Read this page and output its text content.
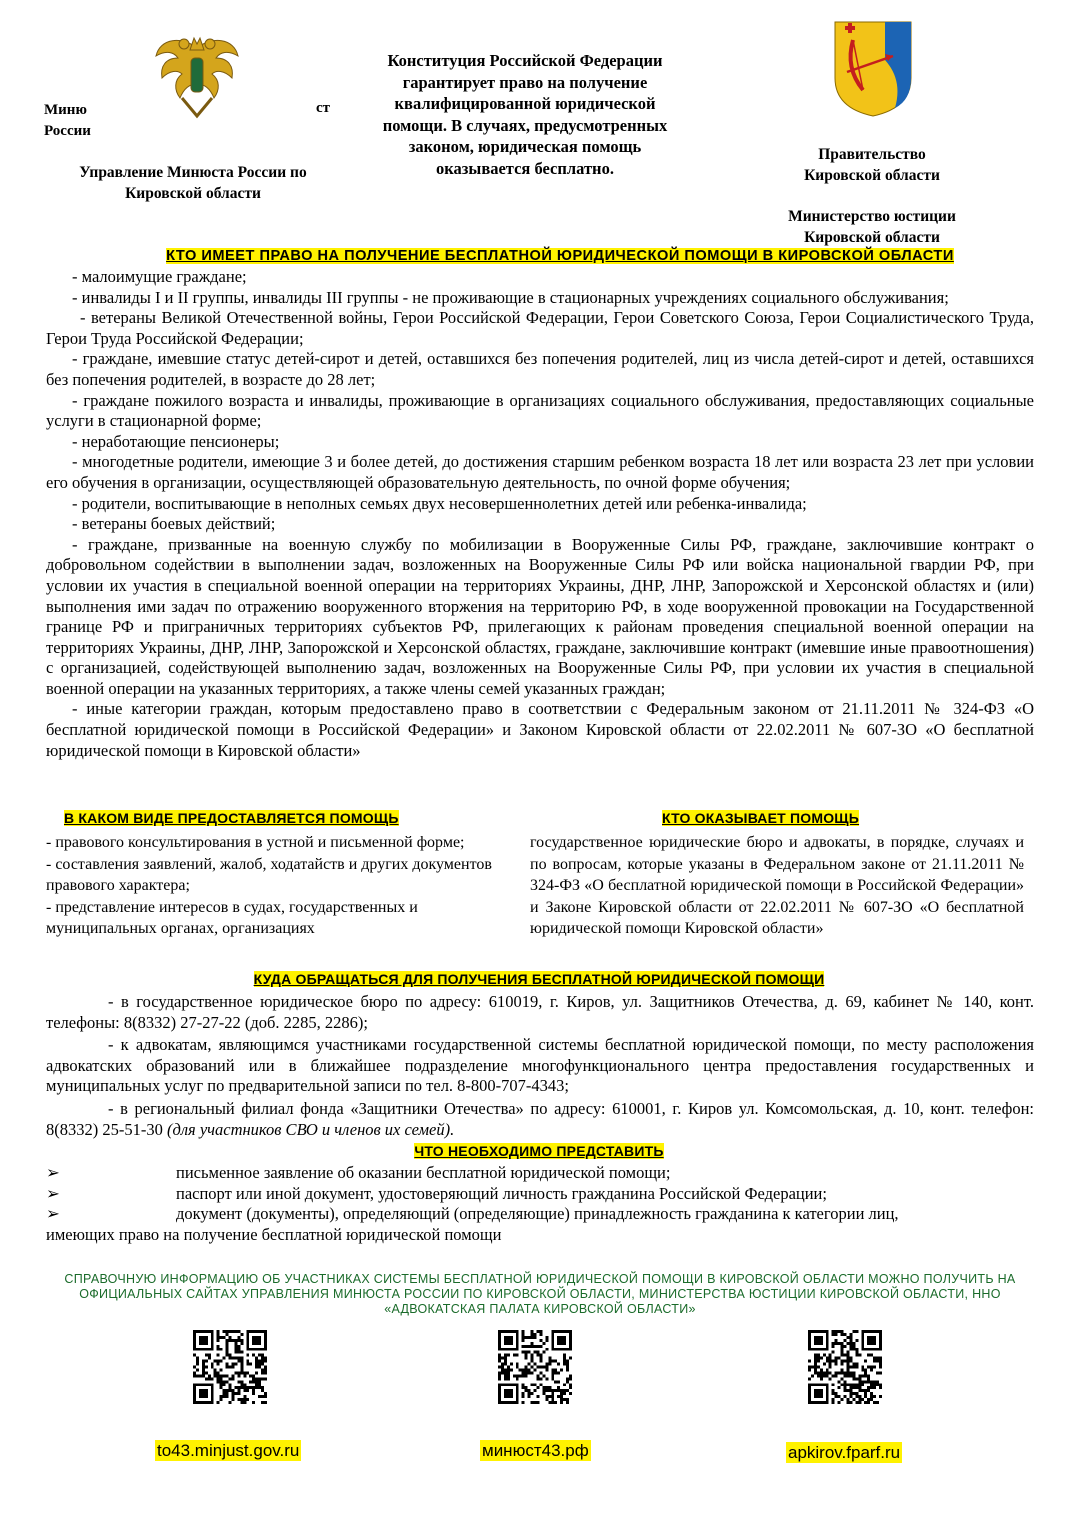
Миню
России
ст
Управление Минюста России по Кировской области
Конституция Российской Федерации гарантирует право на получение квалифицированной юридической помощи. В случаях, предусмотренных законом, юридическая помощь оказывается бесплатно.
Правительство Кировской области
Министерство юстиции Кировской области
КТО ИМЕЕТ ПРАВО НА ПОЛУЧЕНИЕ БЕСПЛАТНОЙ ЮРИДИЧЕСКОЙ ПОМОЩИ В КИРОВСКОЙ ОБЛАСТИ

- малоимущие граждане;

- инвалиды I и II группы, инвалиды III группы - не проживающие в стационарных учреждениях социального обслуживания;

- ветераны Великой Отечественной войны, Герои Российской Федерации, Герои Советского Союза, Герои Социалистического Труда, Герои Труда Российской Федерации;

- граждане, имевшие статус детей-сирот и детей, оставшихся без попечения родителей, лиц из числа детей-сирот и детей, оставшихся без попечения родителей, в возрасте до 28 лет;

- граждане пожилого возраста и инвалиды, проживающие в организациях социального обслуживания, предоставляющих социальные услуги в стационарной форме;

- неработающие пенсионеры;

- многодетные родители, имеющие 3 и более детей, до достижения старшим ребенком возраста 18 лет или возраста 23 лет при условии его обучения в организации, осуществляющей образовательную деятельность, по очной форме обучения;

- родители, воспитывающие в неполных семьях двух несовершеннолетних детей или ребенка-инвалида;

- ветераны боевых действий;

- граждане, призванные на военную службу по мобилизации в Вооруженные Силы РФ, граждане, заключившие контракт о добровольном содействии в выполнении задач, возложенных на Вооруженные Силы РФ или войска национальной гвардии РФ, при условии их участия в специальной военной операции на территориях Украины, ДНР, ЛНР, Запорожской и Херсонской областях и (или) выполнения ими задач по отражению вооруженного вторжения на территорию РФ, в ходе вооруженной провокации на Государственной границе РФ и приграничных территориях субъектов РФ, прилегающих к районам проведения специальной военной операции на территориях Украины, ДНР, ЛНР, Запорожской и Херсонской областях, граждане, заключившие контракт (имевшие иные правоотношения) с организацией, содействующей выполнению задач, возложенных на Вооруженные Силы РФ, при условии их участия в специальной военной операции на указанных территориях, а также члены семей указанных граждан;

- иные категории граждан, которым предоставлено право в соответствии с Федеральным законом от 21.11.2011 № 324-ФЗ «О бесплатной юридической помощи в Российской Федерации» и Законом Кировской области от 22.02.2011 № 607-ЗО «О бесплатной юридической помощи в Кировской области»

В КАКОМ ВИДЕ ПРЕДОСТАВЛЯЕТСЯ ПОМОЩЬ	КТО ОКАЗЫВАЕТ ПОМОЩЬ

- правового консультирования в устной и письменной форме;

- составления заявлений, жалоб, ходатайств и других документов правового характера;

- представление интересов в судах, государственных и муниципальных органах, организациях

государственное юридические бюро и адвокаты, в порядке, случаях и по вопросам, которые указаны в Федеральном законе от 21.11.2011 № 324-ФЗ «О бесплатной юридической помощи в Российской Федерации» и Законе Кировской области от 22.02.2011 № 607-ЗО «О бесплатной юридической помощи Кировской области»
КУДА ОБРАЩАТЬСЯ ДЛЯ ПОЛУЧЕНИЯ БЕСПЛАТНОЙ ЮРИДИЧЕСКОЙ ПОМОЩИ

- в государственное юридическое бюро по адресу: 610019, г. Киров, ул. Защитников Отечества, д. 69, кабинет № 140, конт. телефоны: 8(8332) 27-27-22 (доб. 2285, 2286);

- к адвокатам, являющимся участниками государственной системы бесплатной юридической помощи, по месту расположения адвокатских образований или в ближайшее подразделение многофункционального центра предоставления государственных и муниципальных услуг по предварительной записи по тел. 8-800-707-4343;

- в региональный филиал фонда «Защитники Отечества» по адресу: 610001, г. Киров ул. Комсомольская, д. 10, конт. телефон: 8(8332) 25-51-30 (для участников СВО и членов их семей).

ЧТО НЕОБХОДИМО ПРЕДСТАВИТЬ
➢	письменное заявление об оказании бесплатной юридической помощи;
➢	паспорт или иной документ, удостоверяющий личность гражданина Российской Федерации;
➢	документ (документы), определяющий (определяющие) принадлежность гражданина к категории лиц,
имеющих право на получение бесплатной юридической помощи
СПРАВОЧНУЮ ИНФОРМАЦИЮ ОБ УЧАСТНИКАХ СИСТЕМЫ БЕСПЛАТНОЙ ЮРИДИЧЕСКОЙ ПОМОЩИ В КИРОВСКОЙ ОБЛАСТИ МОЖНО ПОЛУЧИТЬ НА ОФИЦИАЛЬНЫХ САЙТАХ УПРАВЛЕНИЯ МИНЮСТА РОССИИ ПО КИРОВСКОЙ ОБЛАСТИ, МИНИСТЕРСТВА ЮСТИЦИИ КИРОВСКОЙ ОБЛАСТИ, ННО «АДВОКАТСКАЯ ПАЛАТА КИРОВСКОЙ ОБЛАСТИ»
to43.minjust.gov.ru	минюст43.рф	apkirov.fparf.ru
